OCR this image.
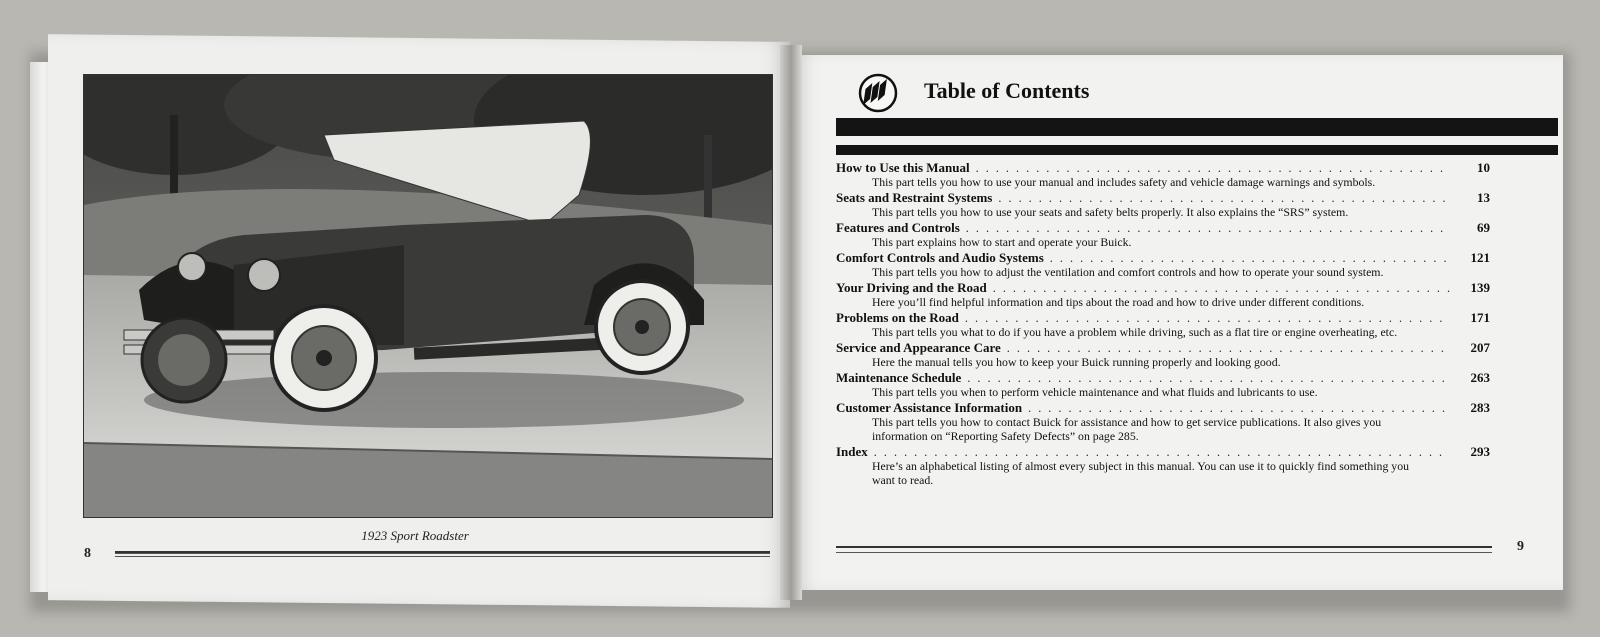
1923 Sport Roadster
8
Table of Contents
How to Use this Manual . . .	10
This part tells you how to use your manual and includes safety and vehicle damage warnings and symbols.
Seats and Restraint Systems . . .	13
This part tells you how to use your seats and safety belts properly. It also explains the “SRS” system.
Features and Controls . . .	69
This part explains how to start and operate your Buick.
Comfort Controls and Audio Systems . . .	121
This part tells you how to adjust the ventilation and comfort controls and how to operate your sound system.
Your Driving and the Road . . .	139
Here you’ll find helpful information and tips about the road and how to drive under different conditions.
Problems on the Road . . .	171
This part tells you what to do if you have a problem while driving, such as a flat tire or engine overheating, etc.
Service and Appearance Care . . .	207
Here the manual tells you how to keep your Buick running properly and looking good.
Maintenance Schedule . . .	263
This part tells you when to perform vehicle maintenance and what fluids and lubricants to use.
Customer Assistance Information . . .	283
This part tells you how to contact Buick for assistance and how to get service publications. It also gives you information on “Reporting Safety Defects” on page 285.
Index . . .	293
Here’s an alphabetical listing of almost every subject in this manual. You can use it to quickly find something you want to read.
9
